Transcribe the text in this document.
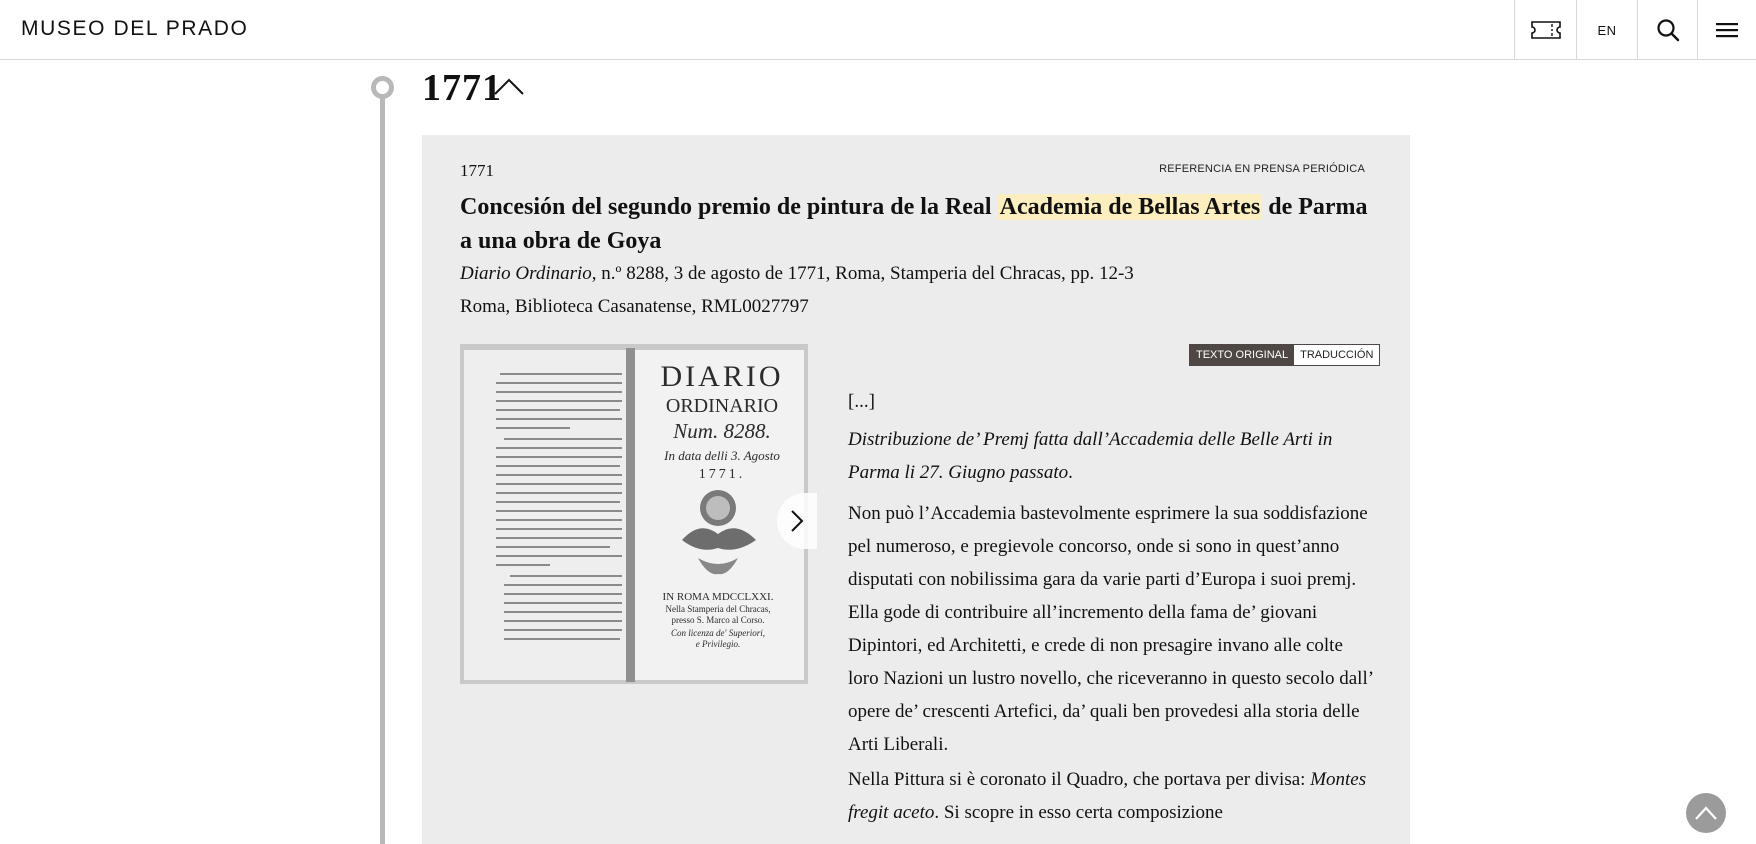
MUSEO DEL PRADO	EN
1771
1771	REFERENCIA EN PRENSA PERIÓDICA
Concesión del segundo premio de pintura de la Real Academia de Bellas Artes de Parma a una obra de Goya
Diario Ordinario, n.º 8288, 3 de agosto de 1771, Roma, Stamperia del Chracas, pp. 12-3
Roma, Biblioteca Casanatense, RML0027797
DIARIO
ORDINARIO
Num. 8288.
In data delli 3. Agosto
1771.
IN ROMA MDCCLXXI.
Nella Stamperia del Chracas,
presso S. Marco al Corso.
Con licenza de' Superiori,
e Privilegio.
TEXTO ORIGINAL	TRADUCCIÓN
[...]
Distribuzione de’ Premj fatta dall’Accademia delle Belle Arti in Parma li 27. Giugno passato.
Non può l’Accademia bastevolmente esprimere la sua soddisfazione pel numeroso, e pregievole concorso, onde si sono in quest’anno disputati con nobilissima gara da varie parti d’Europa i suoi premj. Ella gode di contribuire all’incremento della fama de’ giovani Dipintori, ed Architetti, e crede di non presagire invano alle colte loro Nazioni un lustro novello, che riceveranno in questo secolo dall’ opere de’ crescenti Artefici, da’ quali ben provedesi alla storia delle Arti Liberali.
Nella Pittura si è coronato il Quadro, che portava per divisa: Montes fregit aceto. Si scopre in esso certa composizione
